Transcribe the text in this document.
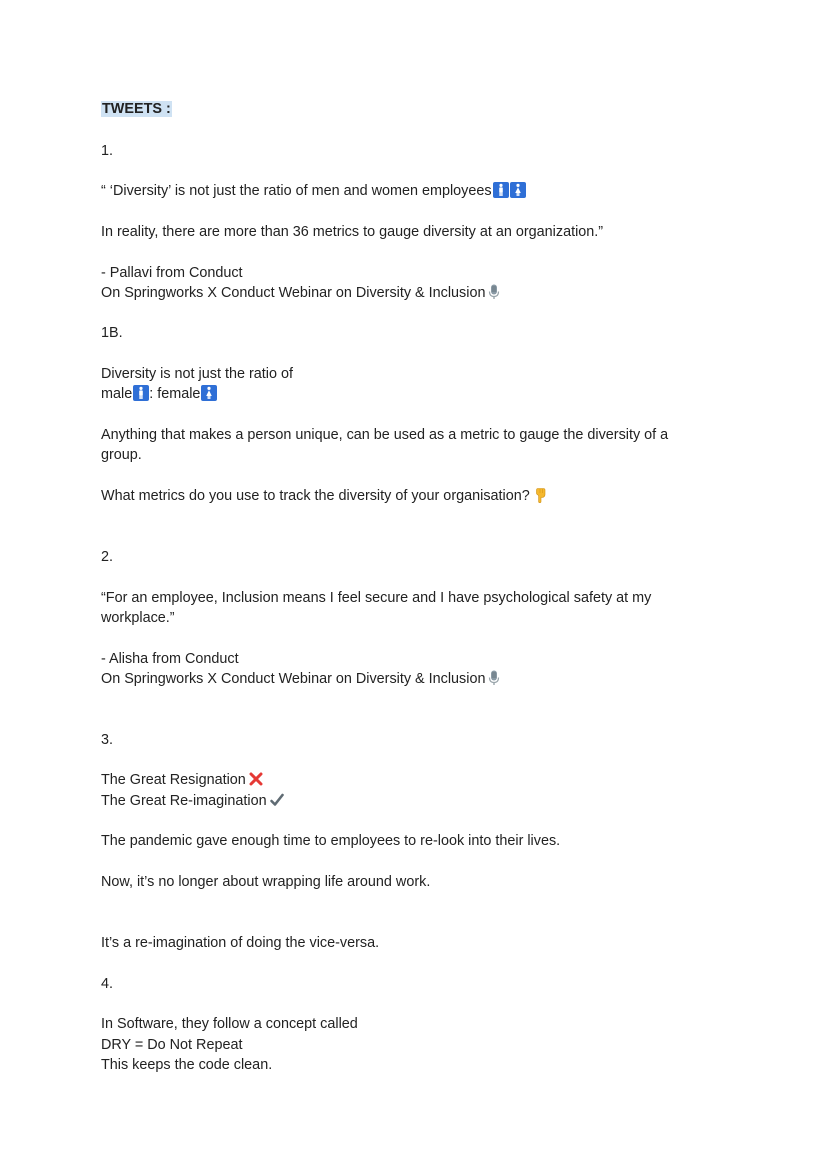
TWEETS :
1.
“ ‘Diversity’ is not just the ratio of men and women employees
In reality, there are more than 36 metrics to gauge diversity at an organization.”
- Pallavi from Conduct
On Springworks X Conduct Webinar on Diversity & Inclusion
1B.
Diversity is not just the ratio of
male : female
Anything that makes a person unique, can be used as a metric to gauge the diversity of a
group.
What metrics do you use to track the diversity of your organisation?
2.
“For an employee, Inclusion means I feel secure and I have psychological safety at my
workplace.”
- Alisha from Conduct
On Springworks X Conduct Webinar on Diversity & Inclusion
3.
The Great Resignation
The Great Re-imagination
The pandemic gave enough time to employees to re-look into their lives.
Now, it’s no longer about wrapping life around work.
It’s a re-imagination of doing the vice-versa.
4.
In Software, they follow a concept called
DRY = Do Not Repeat
This keeps the code clean.
